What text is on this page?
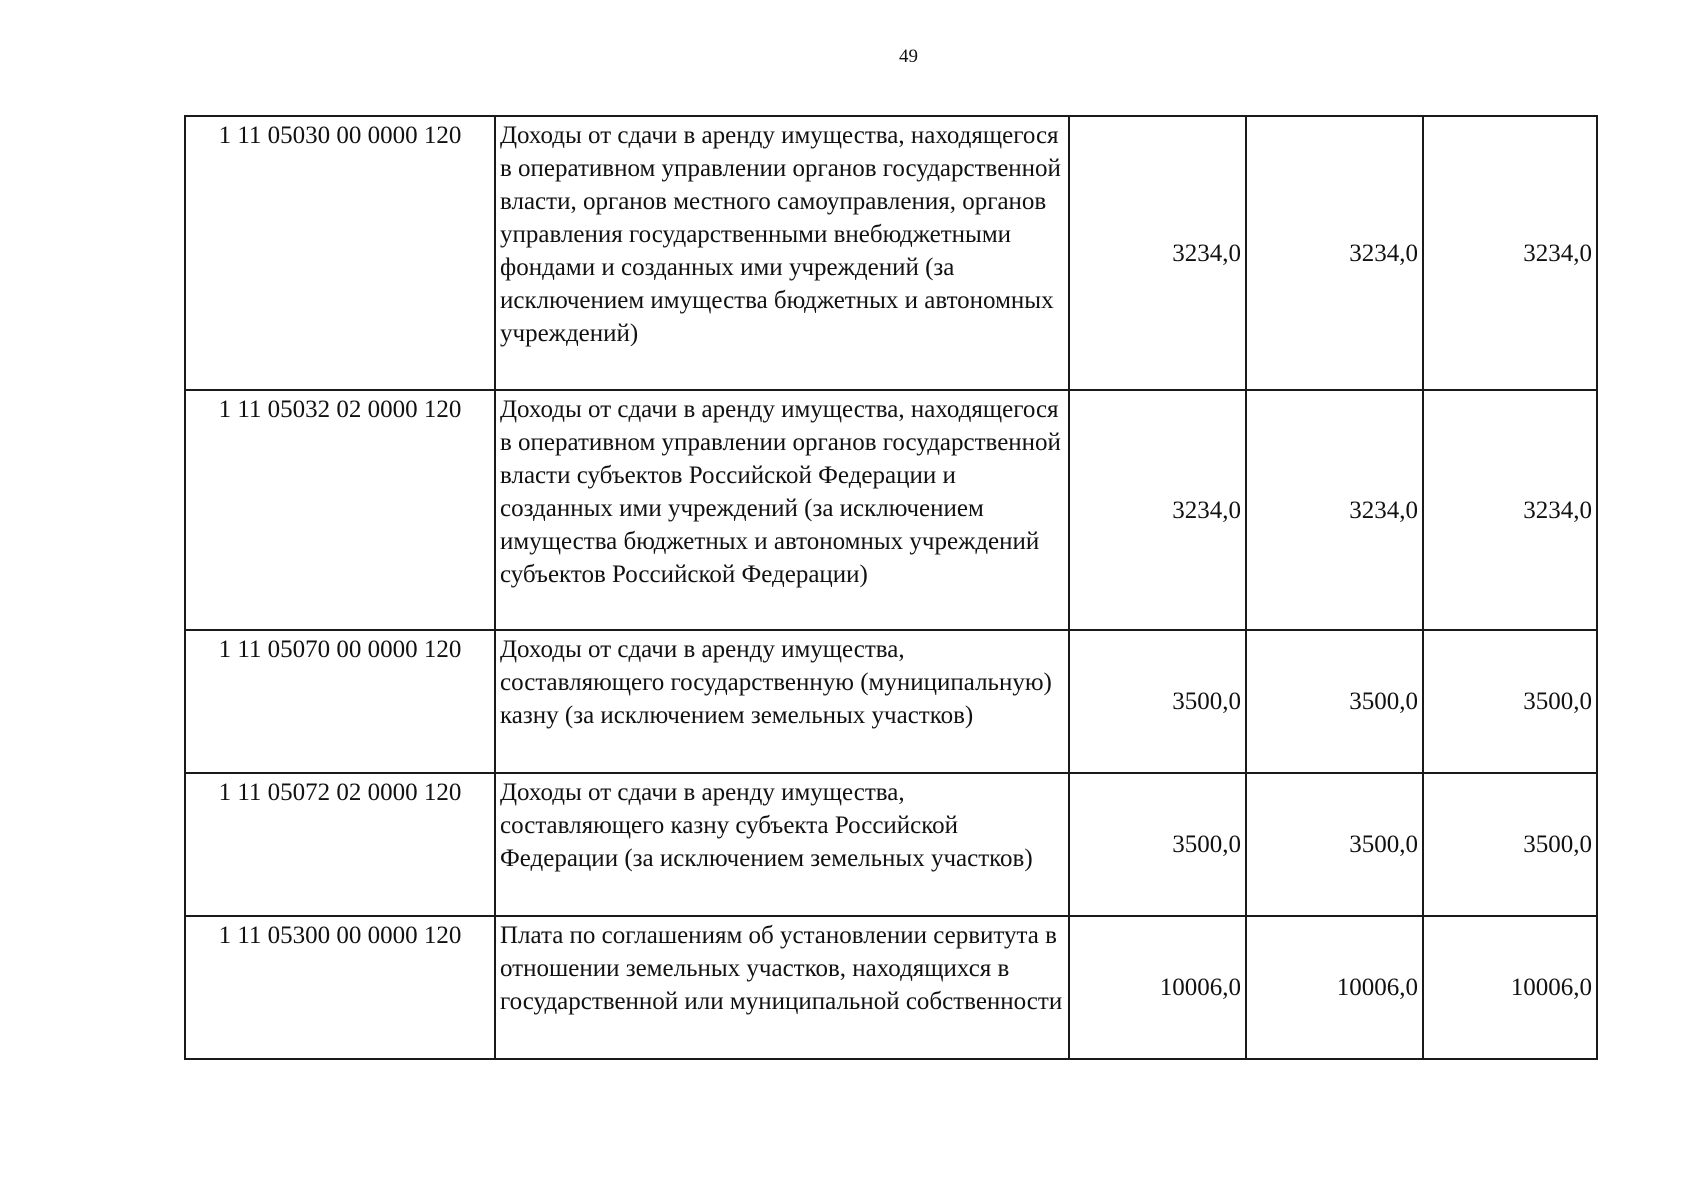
49
1 11 05030 00 0000 120	Доходы от сдачи в аренду имущества, находящегося в оперативном управлении органов государственной власти, органов местного самоуправления, органов управления государственными внебюджетными фондами и созданных ими учреждений (за исключением имущества бюджетных и автономных учреждений)	3234,0	3234,0	3234,0
1 11 05032 02 0000 120	Доходы от сдачи в аренду имущества, находящегося в оперативном управлении органов государственной власти субъектов Российской Федерации и созданных ими учреждений (за исключением имущества бюджетных и автономных учреждений субъектов Российской Федерации)	3234,0	3234,0	3234,0
1 11 05070 00 0000 120	Доходы от сдачи в аренду имущества, составляющего государственную (муниципальную) казну (за исключением земельных участков)	3500,0	3500,0	3500,0
1 11 05072 02 0000 120	Доходы от сдачи в аренду имущества, составляющего казну субъекта Российской Федерации (за исключением земельных участков)	3500,0	3500,0	3500,0
1 11 05300 00 0000 120	Плата по соглашениям об установлении сервитута в отношении земельных участков, находящихся в государственной или муниципальной собственности	10006,0	10006,0	10006,0
